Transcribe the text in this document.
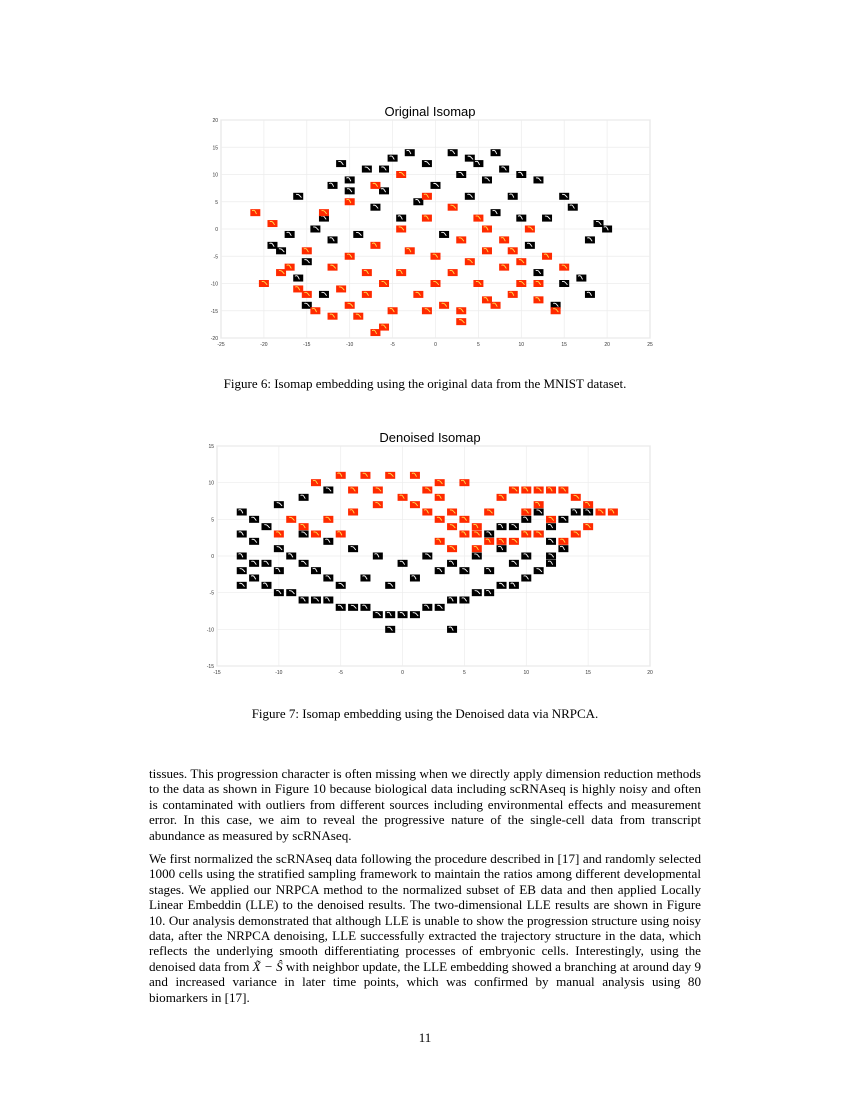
Original Isomap
-25	-20	-15	-10	-5	0	5	10	15	20	25
20
15
10
5
0
-5
-10
-15
-20
Figure 6: Isomap embedding using the original data from the MNIST dataset.
Denoised Isomap
-15	-10	-5	0	5	10	15	20
15
10
5
0
-5
-10
-15
Figure 7: Isomap embedding using the Denoised data via NRPCA.

tissues. This progression character is often missing when we directly apply dimension reduction methods to the data as shown in Figure 10 because biological data including scRNAseq is highly noisy and often is contaminated with outliers from different sources including environmental effects and measurement error. In this case, we aim to reveal the progressive nature of the single-cell data from transcript abundance as measured by scRNAseq.

We first normalized the scRNAseq data following the procedure described in [17] and randomly selected 1000 cells using the stratified sampling framework to maintain the ratios among different developmental stages. We applied our NRPCA method to the normalized subset of EB data and then applied Locally Linear Embeddin (LLE) to the denoised results. The two-dimensional LLE results are shown in Figure 10. Our analysis demonstrated that although LLE is unable to show the progression structure using noisy data, after the NRPCA denoising, LLE successfully extracted the trajectory structure in the data, which reflects the underlying smooth differentiating processes of embryonic cells. Interestingly, using the denoised data from X̃ − Ŝ with neighbor update, the LLE embedding showed a branching at around day 9 and increased variance in later time points, which was confirmed by manual analysis using 80 biomarkers in [17].

11
